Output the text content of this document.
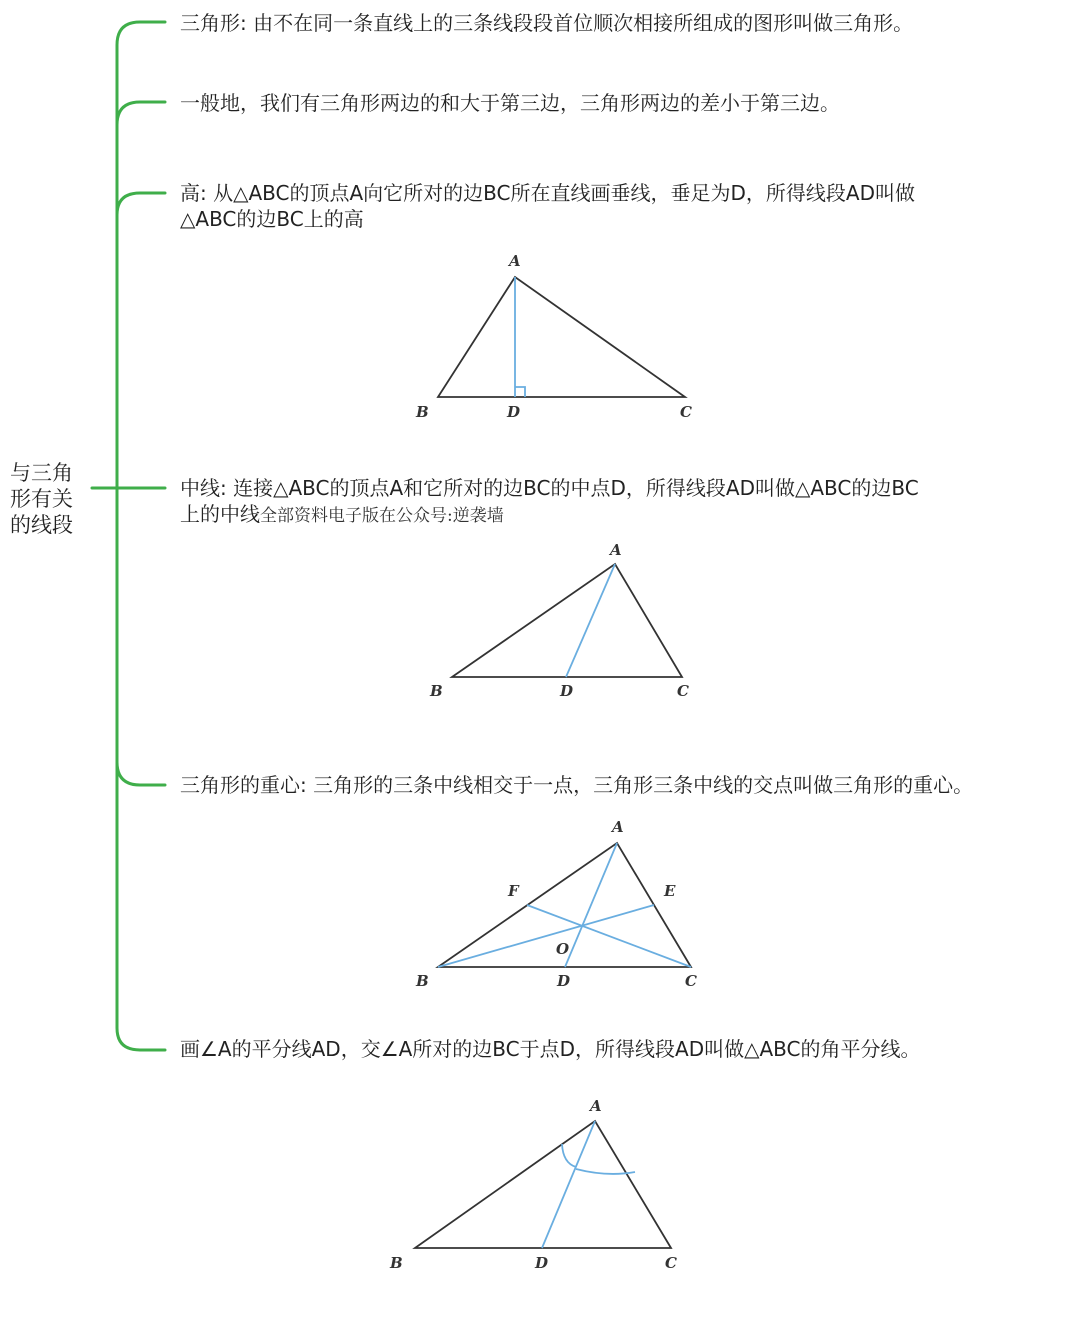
与三角
形有关
的线段
三角形: 由不在同一条直线上的三条线段段首位顺次相接所组成的图形叫做三角形。
一般地，我们有三角形两边的和大于第三边，三角形两边的差小于第三边。
高: 从△ABC的顶点A向它所对的边BC所在直线画垂线，垂足为D，所得线段AD叫做
△ABC的边BC上的高
中线: 连接△ABC的顶点A和它所对的边BC的中点D，所得线段AD叫做△ABC的边BC
上的中线全部资料电子版在公众号:逆袭墙
三角形的重心: 三角形的三条中线相交于一点，三角形三条中线的交点叫做三角形的重心。
画∠A的平分线AD，交∠A所对的边BC于点D，所得线段AD叫做△ABC的角平分线。
A
B	D	C
A
B	D	C
A
F	E
O
B	D	C
A
B	D	C
